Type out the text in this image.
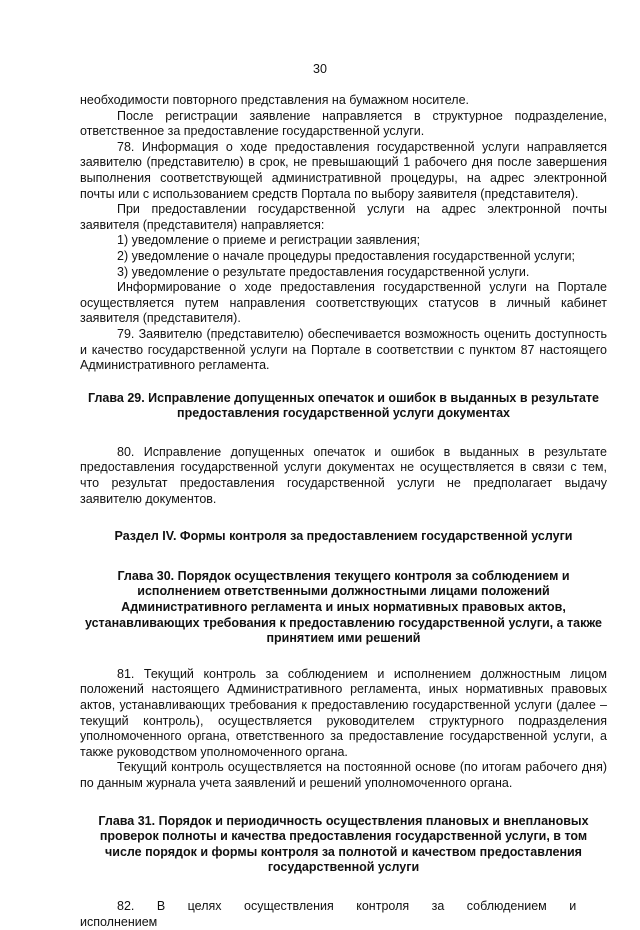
30

необходимости повторного представления на бумажном носителе.

После регистрации заявление направляется в структурное подразделение, ответственное за предоставление государственной услуги.

78. Информация о ходе предоставления государственной услуги направляется заявителю (представителю) в срок, не превышающий 1 рабочего дня после завершения выполнения соответствующей административной процедуры, на адрес электронной почты или с использованием средств Портала по выбору заявителя (представителя).

При предоставлении государственной услуги на адрес электронной почты заявителя (представителя) направляется:

1) уведомление о приеме и регистрации заявления;

2) уведомление о начале процедуры предоставления государственной услуги;

3) уведомление о результате предоставления государственной услуги.

Информирование о ходе предоставления государственной услуги на Портале осуществляется путем направления соответствующих статусов в личный кабинет заявителя (представителя).

79. Заявителю (представителю) обеспечивается возможность оценить доступность и качество государственной услуги на Портале в соответствии с пунктом 87 настоящего Административного регламента.

Глава 29. Исправление допущенных опечаток и ошибок в выданных в результате предоставления государственной услуги документах

80. Исправление допущенных опечаток и ошибок в выданных в результате предоставления государственной услуги документах не осуществляется в связи с тем, что результат предоставления государственной услуги не предполагает выдачу заявителю документов.

Раздел IV. Формы контроля за предоставлением государственной услуги

Глава 30. Порядок осуществления текущего контроля за соблюдением и исполнением ответственными должностными лицами положений Административного регламента и иных нормативных правовых актов, устанавливающих требования к предоставлению государственной услуги, а также принятием ими решений

81. Текущий контроль за соблюдением и исполнением должностным лицом положений настоящего Административного регламента, иных нормативных правовых актов, устанавливающих требования к предоставлению государственной услуги (далее – текущий контроль), осуществляется руководителем структурного подразделения уполномоченного органа, ответственного за предоставление государственной услуги, а также руководством уполномоченного органа.

Текущий контроль осуществляется на постоянной основе (по итогам рабочего дня) по данным журнала учета заявлений и решений уполномоченного органа.

Глава 31. Порядок и периодичность осуществления плановых и внеплановых проверок полноты и качества предоставления государственной услуги, в том числе порядок и формы контроля за полнотой и качеством предоставления государственной услуги

82. В целях осуществления контроля за соблюдением и исполнением
